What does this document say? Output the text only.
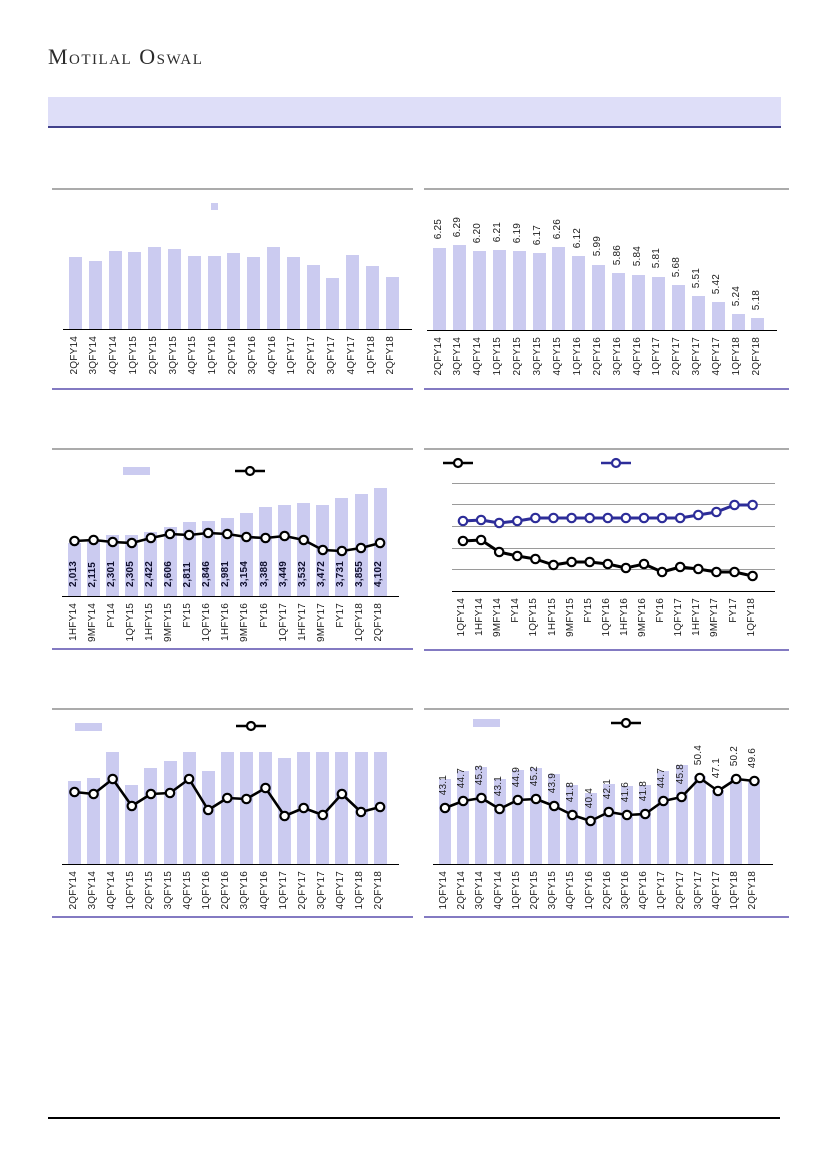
Motilal Oswal
2QFY14 3QFY14 4QFY14 1QFY15 2QFY15 3QFY15 4QFY15 1QFY16 2QFY16 3QFY16 4QFY16 1QFY17 2QFY17 3QFY17 4QFY17 1QFY18 2QFY18
6.25 6.29 6.20 6.21 6.19 6.17 6.26 6.12 5.99 5.86 5.84 5.81 5.68
5.51 5.42
5.24 5.18
2QFY14 3QFY14 4QFY14 1QFY15 2QFY15 3QFY15 4QFY15 1QFY16 2QFY16 3QFY16 4QFY16 1QFY17 2QFY17 3QFY17 4QFY17 1QFY18 2QFY18
2,013 2,115 2,301 2,305 2,422 2,606 2,811 2,846 2,981 3,154 3,388 3,449 3,532 3,472 3,731 3,855 4,102
1HFY14 9MFY14 FY14 1QFY15 1HFY15 9MFY15 FY15 1QFY16 1HFY16 9MFY16 FY16 1QFY17 1HFY17 9MFY17 FY17 1QFY18 2QFY18	1QFY14 1HFY14 9MFY14 FY14 1QFY15 1HFY15 9MFY15 FY15 1QFY16 1HFY16 9MFY16 FY16 1QFY17 1HFY17 9MFY17 FY17 1QFY18
2QFY14 3QFY14 4QFY14 1QFY15 2QFY15 3QFY15 4QFY15 1QFY16 2QFY16 3QFY16 4QFY16 1QFY17 2QFY17 3QFY17 4QFY17 1QFY18 2QFY18
43.1 44.7 45.3
43.1 44.9 45.2 43.9 41.8 40.4 42.1 41.6 41.8
44.7 45.8
50.4
47.1
50.2 49.6
1QFY14 2QFY14 3QFY14 4QFY14 1QFY15 2QFY15 3QFY15 4QFY15 1QFY16 2QFY16 3QFY16 4QFY16 1QFY17 2QFY17 3QFY17 4QFY17 1QFY18 2QFY18
